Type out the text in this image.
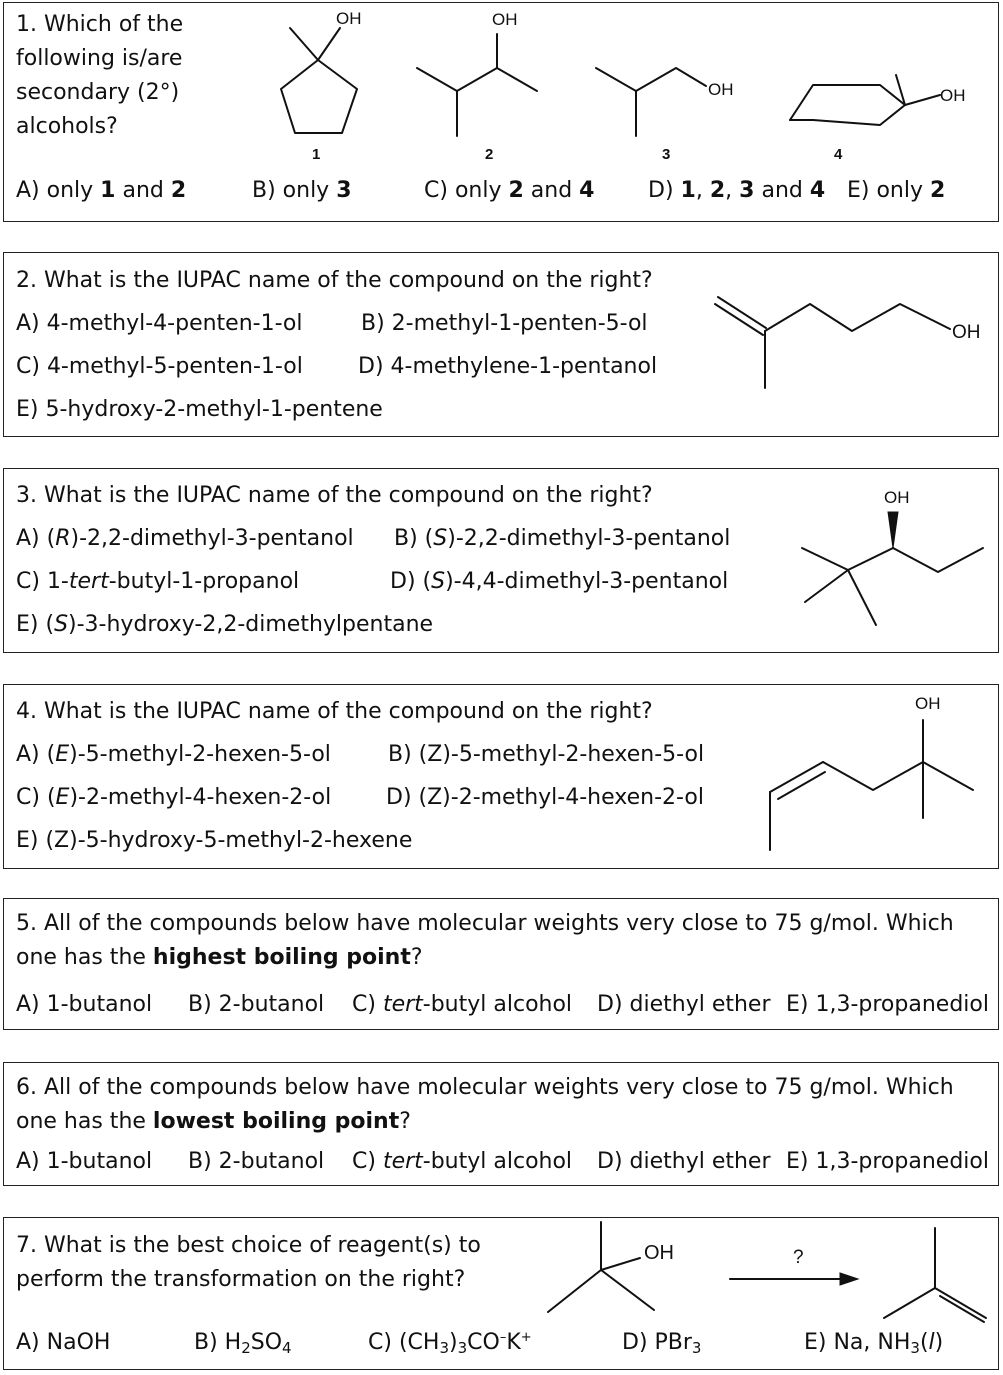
1. Which of the
following is/are
secondary (2°)
alcohols?
OH
1
OH
2
OH
3
OH
4
A) only 1 and 2	B) only 3	C) only 2 and 4 D) 1, 2, 3 and 4 E) only 2
2. What is the IUPAC name of the compound on the right?
A) 4-methyl-4-penten-1-ol	B) 2-methyl-1-penten-5-ol
C) 4-methyl-5-penten-1-ol	D) 4-methylene-1-pentanol
E) 5-hydroxy-2-methyl-1-pentene
OH
3. What is the IUPAC name of the compound on the right?
A) (R)-2,2-dimethyl-3-pentanol B) (S)-2,2-dimethyl-3-pentanol
C) 1-tert-butyl-1-propanol	D) (S)-4,4-dimethyl-3-pentanol
E) (S)-3-hydroxy-2,2-dimethylpentane
OH
4. What is the IUPAC name of the compound on the right?
A) (E)-5-methyl-2-hexen-5-ol	B) (Z)-5-methyl-2-hexen-5-ol
C) (E)-2-methyl-4-hexen-2-ol D) (Z)-2-methyl-4-hexen-2-ol
E) (Z)-5-hydroxy-5-methyl-2-hexene
OH
5. All of the compounds below have molecular weights very close to 75 g/mol. Which
one has the highest boiling point?
A) 1-butanol B) 2-butanol C) tert-butyl alcohol D) diethyl ether E) 1,3-propanediol
6. All of the compounds below have molecular weights very close to 75 g/mol. Which
one has the lowest boiling point?
A) 1-butanol B) 2-butanol C) tert-butyl alcohol D) diethyl ether E) 1,3-propanediol
7. What is the best choice of reagent(s) to
perform the transformation on the right?
OH	?
A) NaOH	B) $H_2SO_4$	C) $(CH_3)_3CO^-K^+$	D) PBr$_3$	E) Na, $NH_3(l)$
